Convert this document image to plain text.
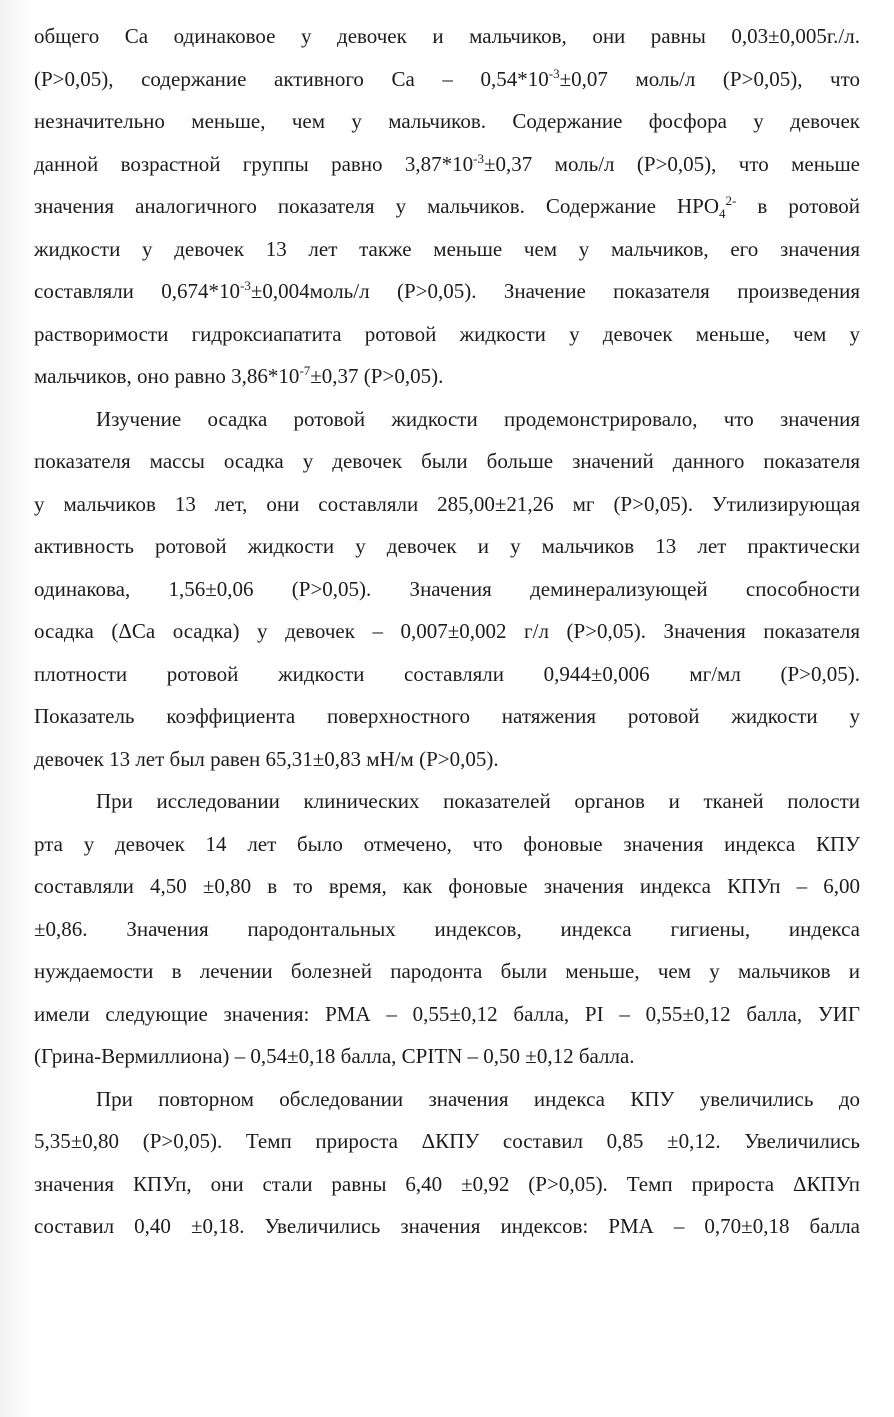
общего Ca одинаковое у девочек и мальчиков, они равны 0,03±0,005г./л.
(P>0,05), содержание активного $Ca - 0,54*10^{-3}\pm 0,07$ моль/л (P>0,05), что
незначительно меньше, чем у мальчиков. Содержание фосфора у девочек
данной возрастной группы равно $3,87*10^{-3}\pm 0,37$ моль/л (P>0,05), что меньше
значения аналогичного показателя у мальчиков. Содержание $HPO_4^{2-}$ в ротовой
жидкости у девочек 13 лет также меньше чем у мальчиков, его значения
составляли $0,674*10^{-3}\pm 0,004моль/л$ (P>0,05). Значение показателя произведения
растворимости гидроксиапатита ротовой жидкости у девочек меньше, чем у
мальчиков, оно равно $3,86*10^{-7}\pm 0,37$ (P>0,05).
Изучение осадка ротовой жидкости продемонстрировало, что значения
показателя массы осадка у девочек были больше значений данного показателя
у мальчиков 13 лет, они составляли 285,00±21,26 мг (P>0,05). Утилизирующая
активность ротовой жидкости у девочек и у мальчиков 13 лет практически
одинакова, 1,56±0,06 (P>0,05). Значения деминерализующей способности
осадка (ΔCa осадка) у девочек – 0,007±0,002 г/л (P>0,05). Значения показателя
плотности ротовой жидкости составляли 0,944±0,006 мг/мл (P>0,05).
Показатель коэффициента поверхностного натяжения ротовой жидкости у
девочек 13 лет был равен 65,31±0,83 мН/м (P>0,05).
При исследовании клинических показателей органов и тканей полости
рта у девочек 14 лет было отмечено, что фоновые значения индекса КПУ
составляли 4,50 ±0,80 в то время, как фоновые значения индекса КПУп – 6,00
±0,86. Значения пародонтальных индексов, индекса гигиены, индекса
нуждаемости в лечении болезней пародонта были меньше, чем у мальчиков и
имели следующие значения: РМА – 0,55±0,12 балла, PI – 0,55±0,12 балла, УИГ
(Грина-Вермиллиона) – 0,54±0,18 балла, CPITN – 0,50 ±0,12 балла.
При повторном обследовании значения индекса КПУ увеличились до
5,35±0,80 (P>0,05). Темп прироста ΔКПУ составил 0,85 ±0,12. Увеличились
значения КПУп, они стали равны 6,40 ±0,92 (P>0,05). Темп прироста ΔКПУп
составил 0,40 ±0,18. Увеличились значения индексов: РМА – 0,70±0,18 балла
